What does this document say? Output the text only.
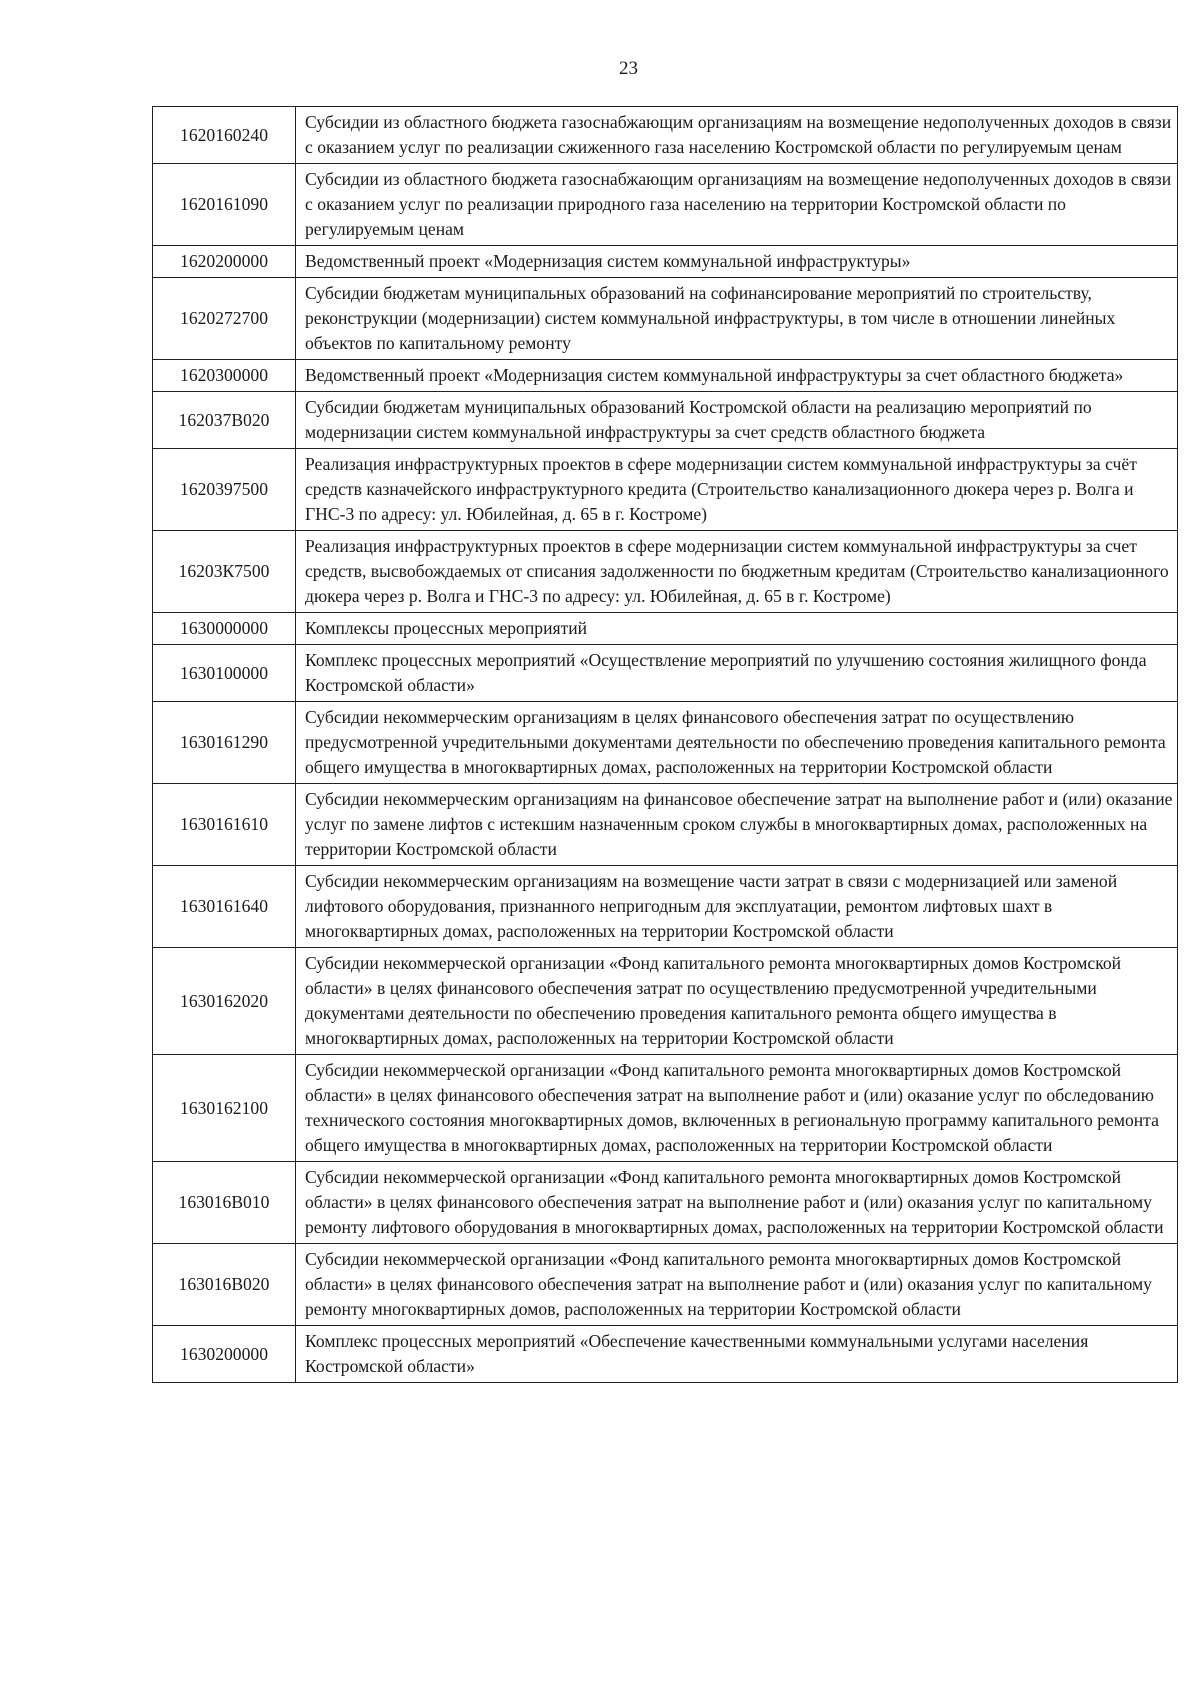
23
1620160240	Субсидии из областного бюджета газоснабжающим организациям на возмещение недополученных доходов в связи с оказанием услуг по реализации сжиженного газа населению Костромской области по регулируемым ценам
1620161090	Субсидии из областного бюджета газоснабжающим организациям на возмещение недополученных доходов в связи с оказанием услуг по реализации природного газа населению на территории Костромской области по регулируемым ценам
1620200000	Ведомственный проект «Модернизация систем коммунальной инфраструктуры»
1620272700	Субсидии бюджетам муниципальных образований на софинансирование мероприятий по строительству, реконструкции (модернизации) систем коммунальной инфраструктуры, в том числе в отношении линейных объектов по капитальному ремонту
1620300000	Ведомственный проект «Модернизация систем коммунальной инфраструктуры за счет областного бюджета»
162037В020	Субсидии бюджетам муниципальных образований Костромской области на реализацию мероприятий по модернизации систем коммунальной инфраструктуры за счет средств областного бюджета
1620397500	Реализация инфраструктурных проектов в сфере модернизации систем коммунальной инфраструктуры за счёт средств казначейского инфраструктурного кредита (Строительство канализационного дюкера через р. Волга и ГНС-3 по адресу: ул. Юбилейная, д. 65 в г. Костроме)
16203К7500	Реализация инфраструктурных проектов в сфере модернизации систем коммунальной инфраструктуры за счет средств, высвобождаемых от списания задолженности по бюджетным кредитам (Строительство канализационного дюкера через р. Волга и ГНС-3 по адресу: ул. Юбилейная, д. 65 в г. Костроме)
1630000000	Комплексы процессных мероприятий
1630100000	Комплекс процессных мероприятий «Осуществление мероприятий по улучшению состояния жилищного фонда Костромской области»
1630161290	Субсидии некоммерческим организациям в целях финансового обеспечения затрат по осуществлению предусмотренной учредительными документами деятельности по обеспечению проведения капитального ремонта общего имущества в многоквартирных домах, расположенных на территории Костромской области
1630161610	Субсидии некоммерческим организациям на финансовое обеспечение затрат на выполнение работ и (или) оказание услуг по замене лифтов с истекшим назначенным сроком службы в многоквартирных домах, расположенных на территории Костромской области
1630161640	Субсидии некоммерческим организациям на возмещение части затрат в связи с модернизацией или заменой лифтового оборудования, признанного непригодным для эксплуатации, ремонтом лифтовых шахт в многоквартирных домах, расположенных на территории Костромской области
1630162020	Субсидии некоммерческой организации «Фонд капитального ремонта многоквартирных домов Костромской области» в целях финансового обеспечения затрат по осуществлению предусмотренной учредительными документами деятельности по обеспечению проведения капитального ремонта общего имущества в многоквартирных домах, расположенных на территории Костромской области
1630162100	Субсидии некоммерческой организации «Фонд капитального ремонта многоквартирных домов Костромской области» в целях финансового обеспечения затрат на выполнение работ и (или) оказание услуг по обследованию технического состояния многоквартирных домов, включенных в региональную программу капитального ремонта общего имущества в многоквартирных домах, расположенных на территории Костромской области
163016В010	Субсидии некоммерческой организации «Фонд капитального ремонта многоквартирных домов Костромской области» в целях финансового обеспечения затрат на выполнение работ и (или) оказания услуг по капитальному ремонту лифтового оборудования в многоквартирных домах, расположенных на территории Костромской области
163016В020	Субсидии некоммерческой организации «Фонд капитального ремонта многоквартирных домов Костромской области» в целях финансового обеспечения затрат на выполнение работ и (или) оказания услуг по капитальному ремонту многоквартирных домов, расположенных на территории Костромской области
1630200000	Комплекс процессных мероприятий «Обеспечение качественными коммунальными услугами населения Костромской области»
